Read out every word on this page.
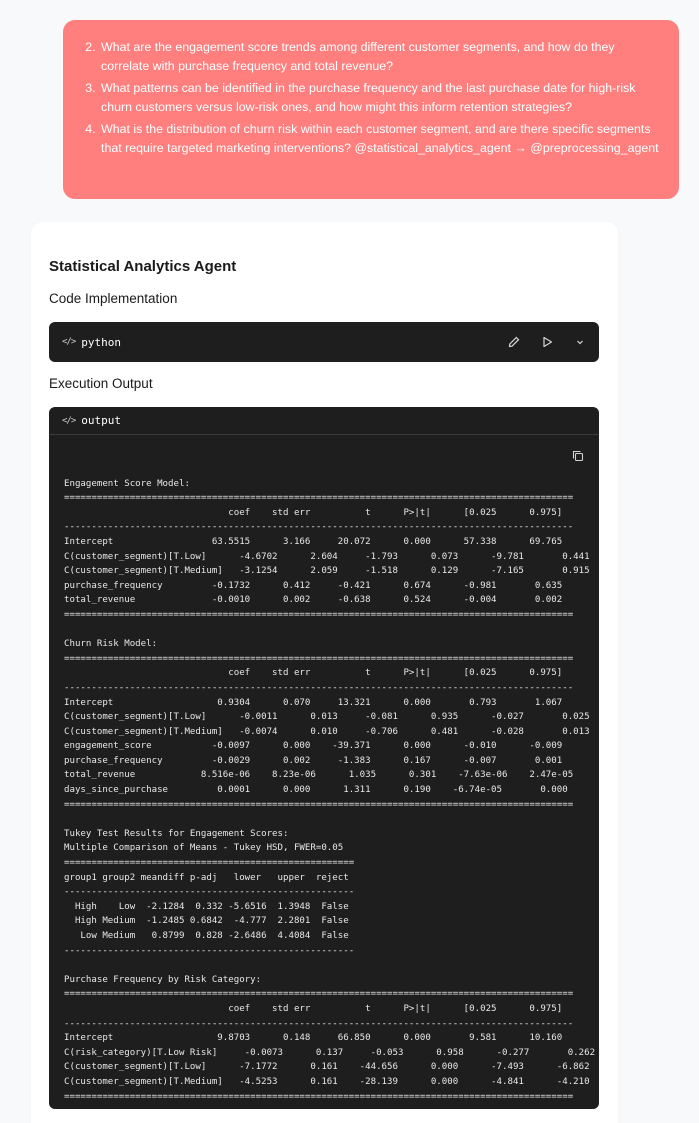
2. What are the engagement score trends among different customer segments, and how do they correlate with purchase frequency and total revenue?
3. What patterns can be identified in the purchase frequency and the last purchase date for high-risk churn customers versus low-risk ones, and how might this inform retention strategies?
4. What is the distribution of churn risk within each customer segment, and are there specific segments that require targeted marketing interventions? @statistical_analytics_agent → @preprocessing_agent
Statistical Analytics Agent
Code Implementation
</> python
Execution Output
</> output

Engagement Score Model:
=============================================================================================
coef    std err          t      P>|t|      [0.025      0.975]
---------------------------------------------------------------------------------------------
Intercept                  63.5515      3.166     20.072      0.000      57.338      69.765
C(customer_segment)[T.Low]      -4.6702      2.604     -1.793      0.073      -9.781       0.441
C(customer_segment)[T.Medium]   -3.1254      2.059     -1.518      0.129      -7.165       0.915
purchase_frequency         -0.1732      0.412     -0.421      0.674      -0.981       0.635
total_revenue              -0.0010      0.002     -0.638      0.524      -0.004       0.002
=============================================================================================

Churn Risk Model:
=============================================================================================
coef    std err          t      P>|t|      [0.025      0.975]
---------------------------------------------------------------------------------------------
Intercept                   0.9304      0.070     13.321      0.000       0.793       1.067
C(customer_segment)[T.Low]      -0.0011      0.013     -0.081      0.935      -0.027       0.025
C(customer_segment)[T.Medium]   -0.0074      0.010     -0.706      0.481      -0.028       0.013
engagement_score           -0.0097      0.000    -39.371      0.000      -0.010      -0.009
purchase_frequency         -0.0029      0.002     -1.383      0.167      -0.007       0.001
total_revenue            8.516e-06    8.23e-06      1.035      0.301    -7.63e-06    2.47e-05
days_since_purchase         0.0001      0.000      1.311      0.190    -6.74e-05       0.000
=============================================================================================

Tukey Test Results for Engagement Scores:
Multiple Comparison of Means - Tukey HSD, FWER=0.05
=====================================================
group1 group2 meandiff p-adj   lower   upper  reject
-----------------------------------------------------
High    Low  -2.1284  0.332 -5.6516  1.3948  False
High Medium  -1.2485 0.6842  -4.777  2.2801  False
Low Medium   0.8799  0.828 -2.6486  4.4084  False
-----------------------------------------------------

Purchase Frequency by Risk Category:
=============================================================================================
coef    std err          t      P>|t|      [0.025      0.975]
---------------------------------------------------------------------------------------------
Intercept                   9.8703      0.148     66.850      0.000       9.581      10.160
C(risk_category)[T.Low Risk]     -0.0073      0.137     -0.053      0.958      -0.277       0.262
C(customer_segment)[T.Low]      -7.1772      0.161    -44.656      0.000      -7.493      -6.862
C(customer_segment)[T.Medium]   -4.5253      0.161    -28.139      0.000      -4.841      -4.210
=============================================================================================
